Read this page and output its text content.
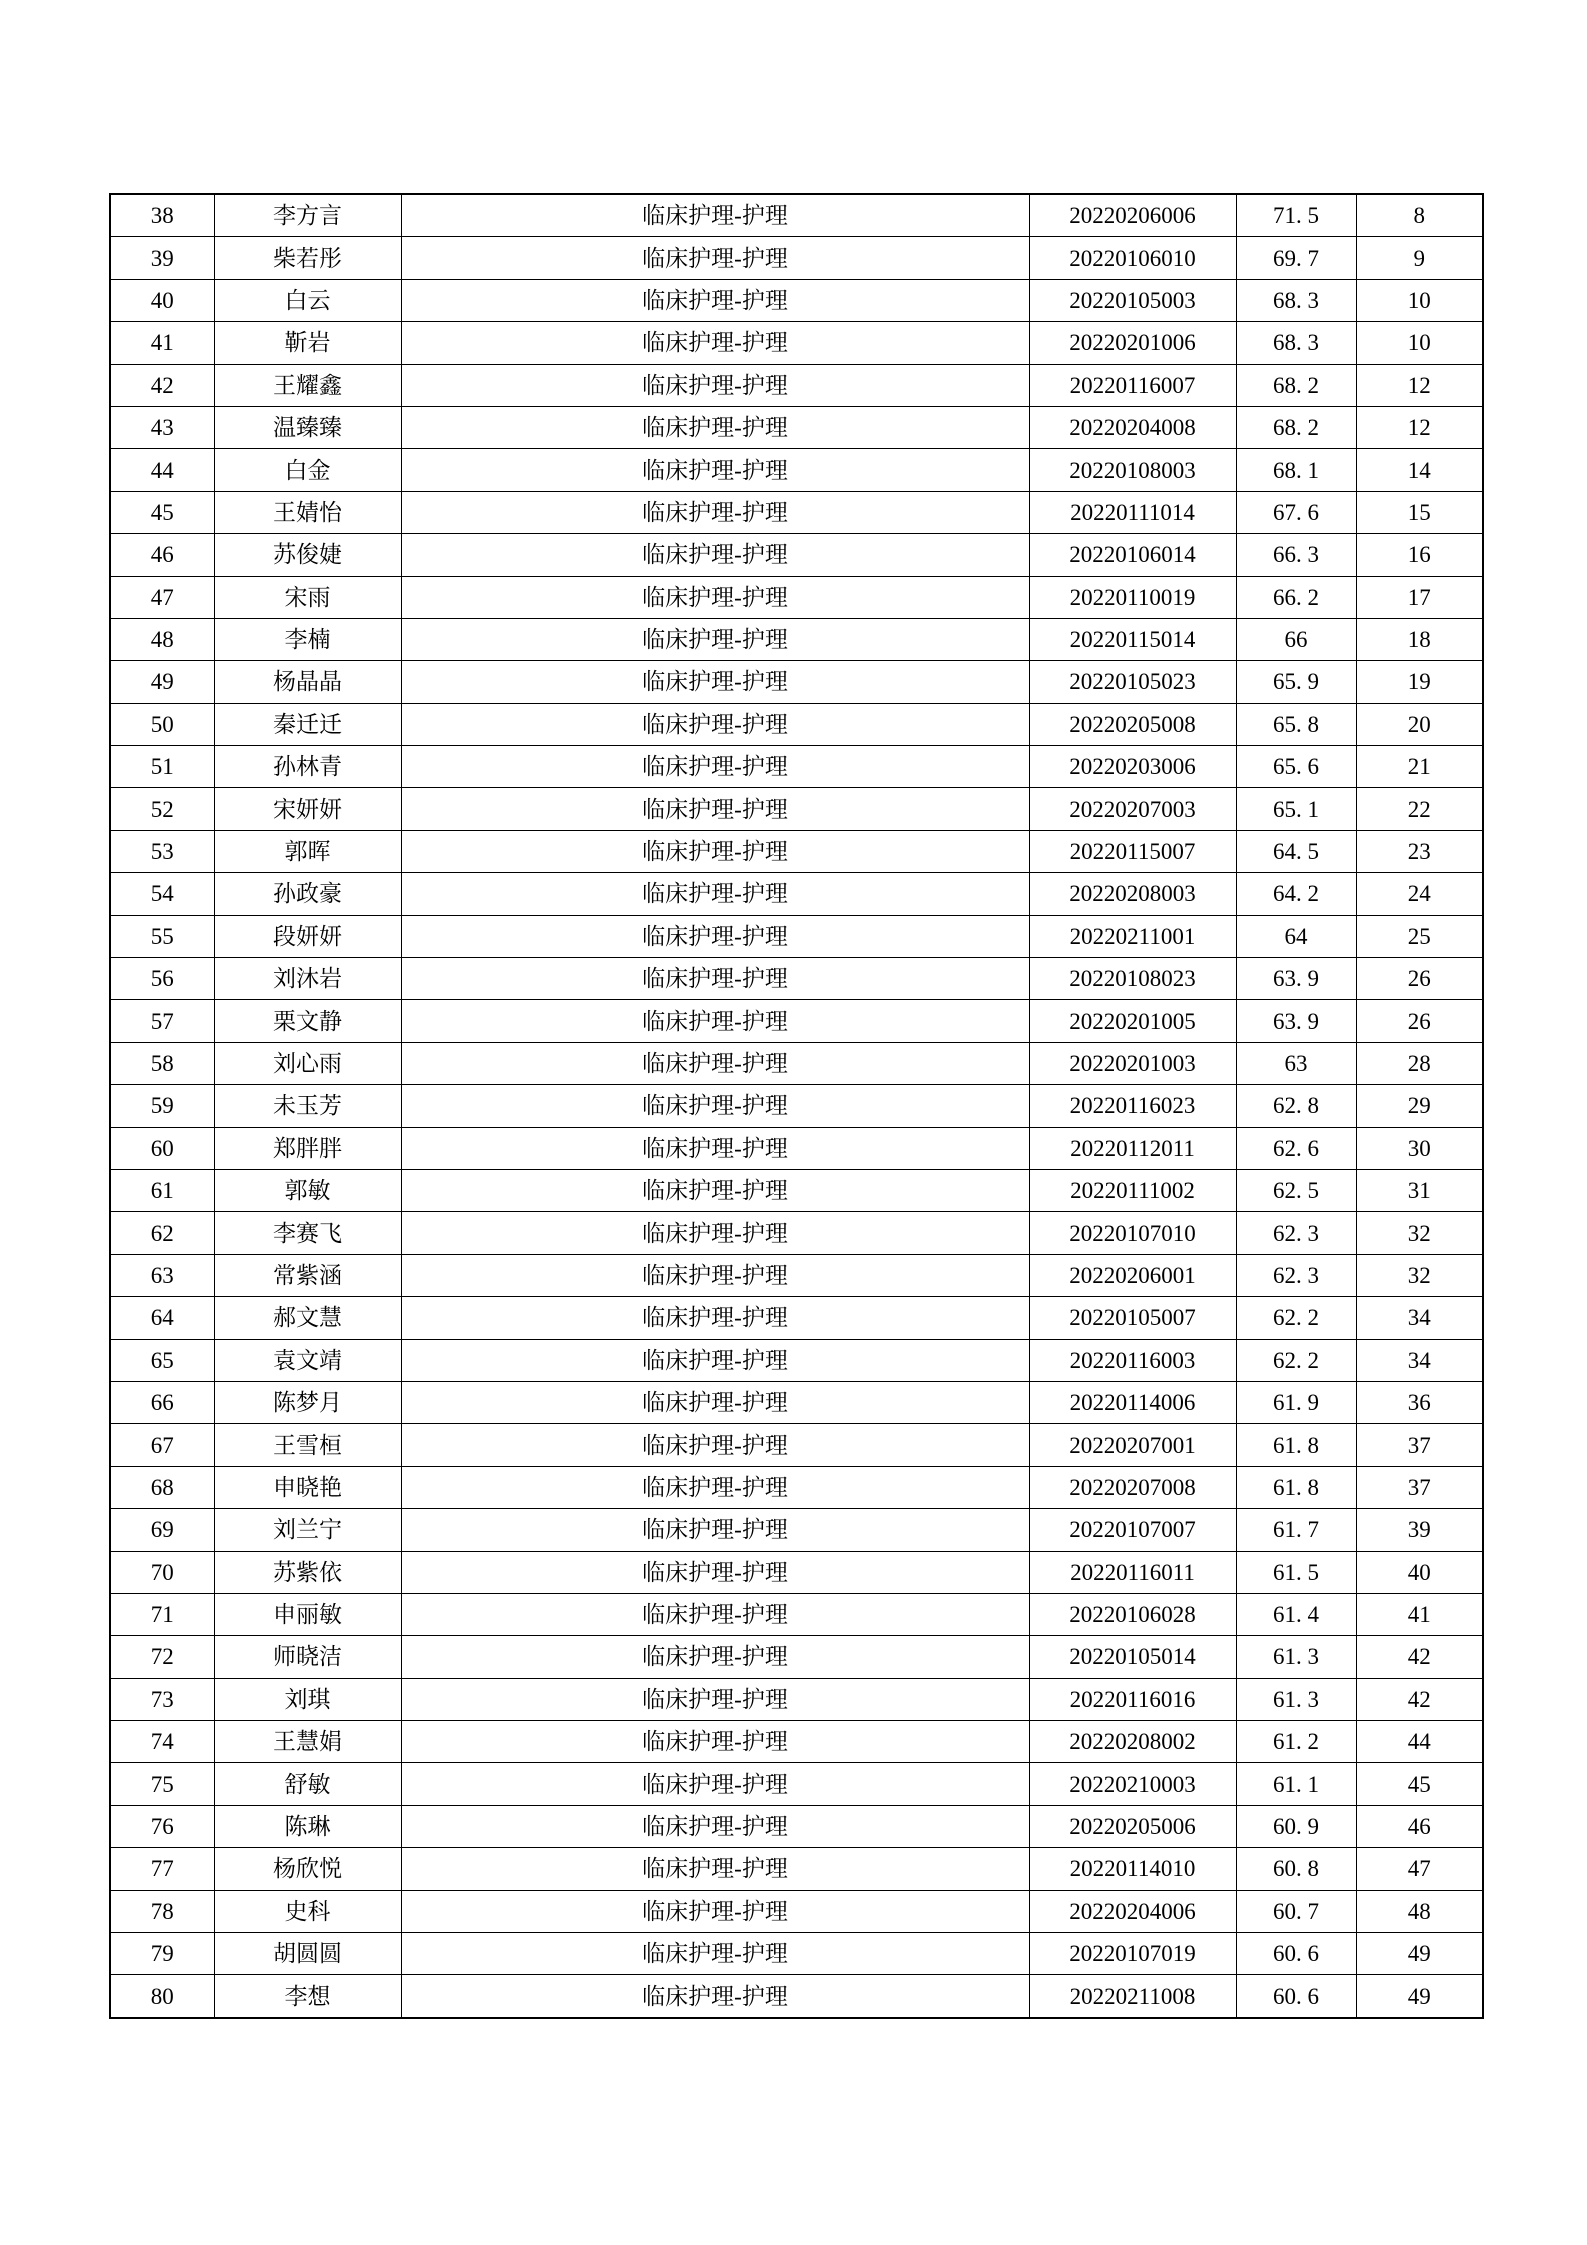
38	李方言	临床护理-护理	20220206006	71. 5	8
39	柴若彤	临床护理-护理	20220106010	69. 7	9
40	白云	临床护理-护理	20220105003	68. 3	10
41	靳岩	临床护理-护理	20220201006	68. 3	10
42	王耀鑫	临床护理-护理	20220116007	68. 2	12
43	温臻臻	临床护理-护理	20220204008	68. 2	12
44	白金	临床护理-护理	20220108003	68. 1	14
45	王婧怡	临床护理-护理	20220111014	67. 6	15
46	苏俊婕	临床护理-护理	20220106014	66. 3	16
47	宋雨	临床护理-护理	20220110019	66. 2	17
48	李楠	临床护理-护理	20220115014	66	18
49	杨晶晶	临床护理-护理	20220105023	65. 9	19
50	秦迁迁	临床护理-护理	20220205008	65. 8	20
51	孙林青	临床护理-护理	20220203006	65. 6	21
52	宋妍妍	临床护理-护理	20220207003	65. 1	22
53	郭晖	临床护理-护理	20220115007	64. 5	23
54	孙政豪	临床护理-护理	20220208003	64. 2	24
55	段妍妍	临床护理-护理	20220211001	64	25
56	刘沐岩	临床护理-护理	20220108023	63. 9	26
57	栗文静	临床护理-护理	20220201005	63. 9	26
58	刘心雨	临床护理-护理	20220201003	63	28
59	未玉芳	临床护理-护理	20220116023	62. 8	29
60	郑胖胖	临床护理-护理	20220112011	62. 6	30
61	郭敏	临床护理-护理	20220111002	62. 5	31
62	李赛飞	临床护理-护理	20220107010	62. 3	32
63	常紫涵	临床护理-护理	20220206001	62. 3	32
64	郝文慧	临床护理-护理	20220105007	62. 2	34
65	袁文靖	临床护理-护理	20220116003	62. 2	34
66	陈梦月	临床护理-护理	20220114006	61. 9	36
67	王雪桓	临床护理-护理	20220207001	61. 8	37
68	申晓艳	临床护理-护理	20220207008	61. 8	37
69	刘兰宁	临床护理-护理	20220107007	61. 7	39
70	苏紫依	临床护理-护理	20220116011	61. 5	40
71	申丽敏	临床护理-护理	20220106028	61. 4	41
72	师晓洁	临床护理-护理	20220105014	61. 3	42
73	刘琪	临床护理-护理	20220116016	61. 3	42
74	王慧娟	临床护理-护理	20220208002	61. 2	44
75	舒敏	临床护理-护理	20220210003	61. 1	45
76	陈琳	临床护理-护理	20220205006	60. 9	46
77	杨欣悦	临床护理-护理	20220114010	60. 8	47
78	史科	临床护理-护理	20220204006	60. 7	48
79	胡圆圆	临床护理-护理	20220107019	60. 6	49
80	李想	临床护理-护理	20220211008	60. 6	49
